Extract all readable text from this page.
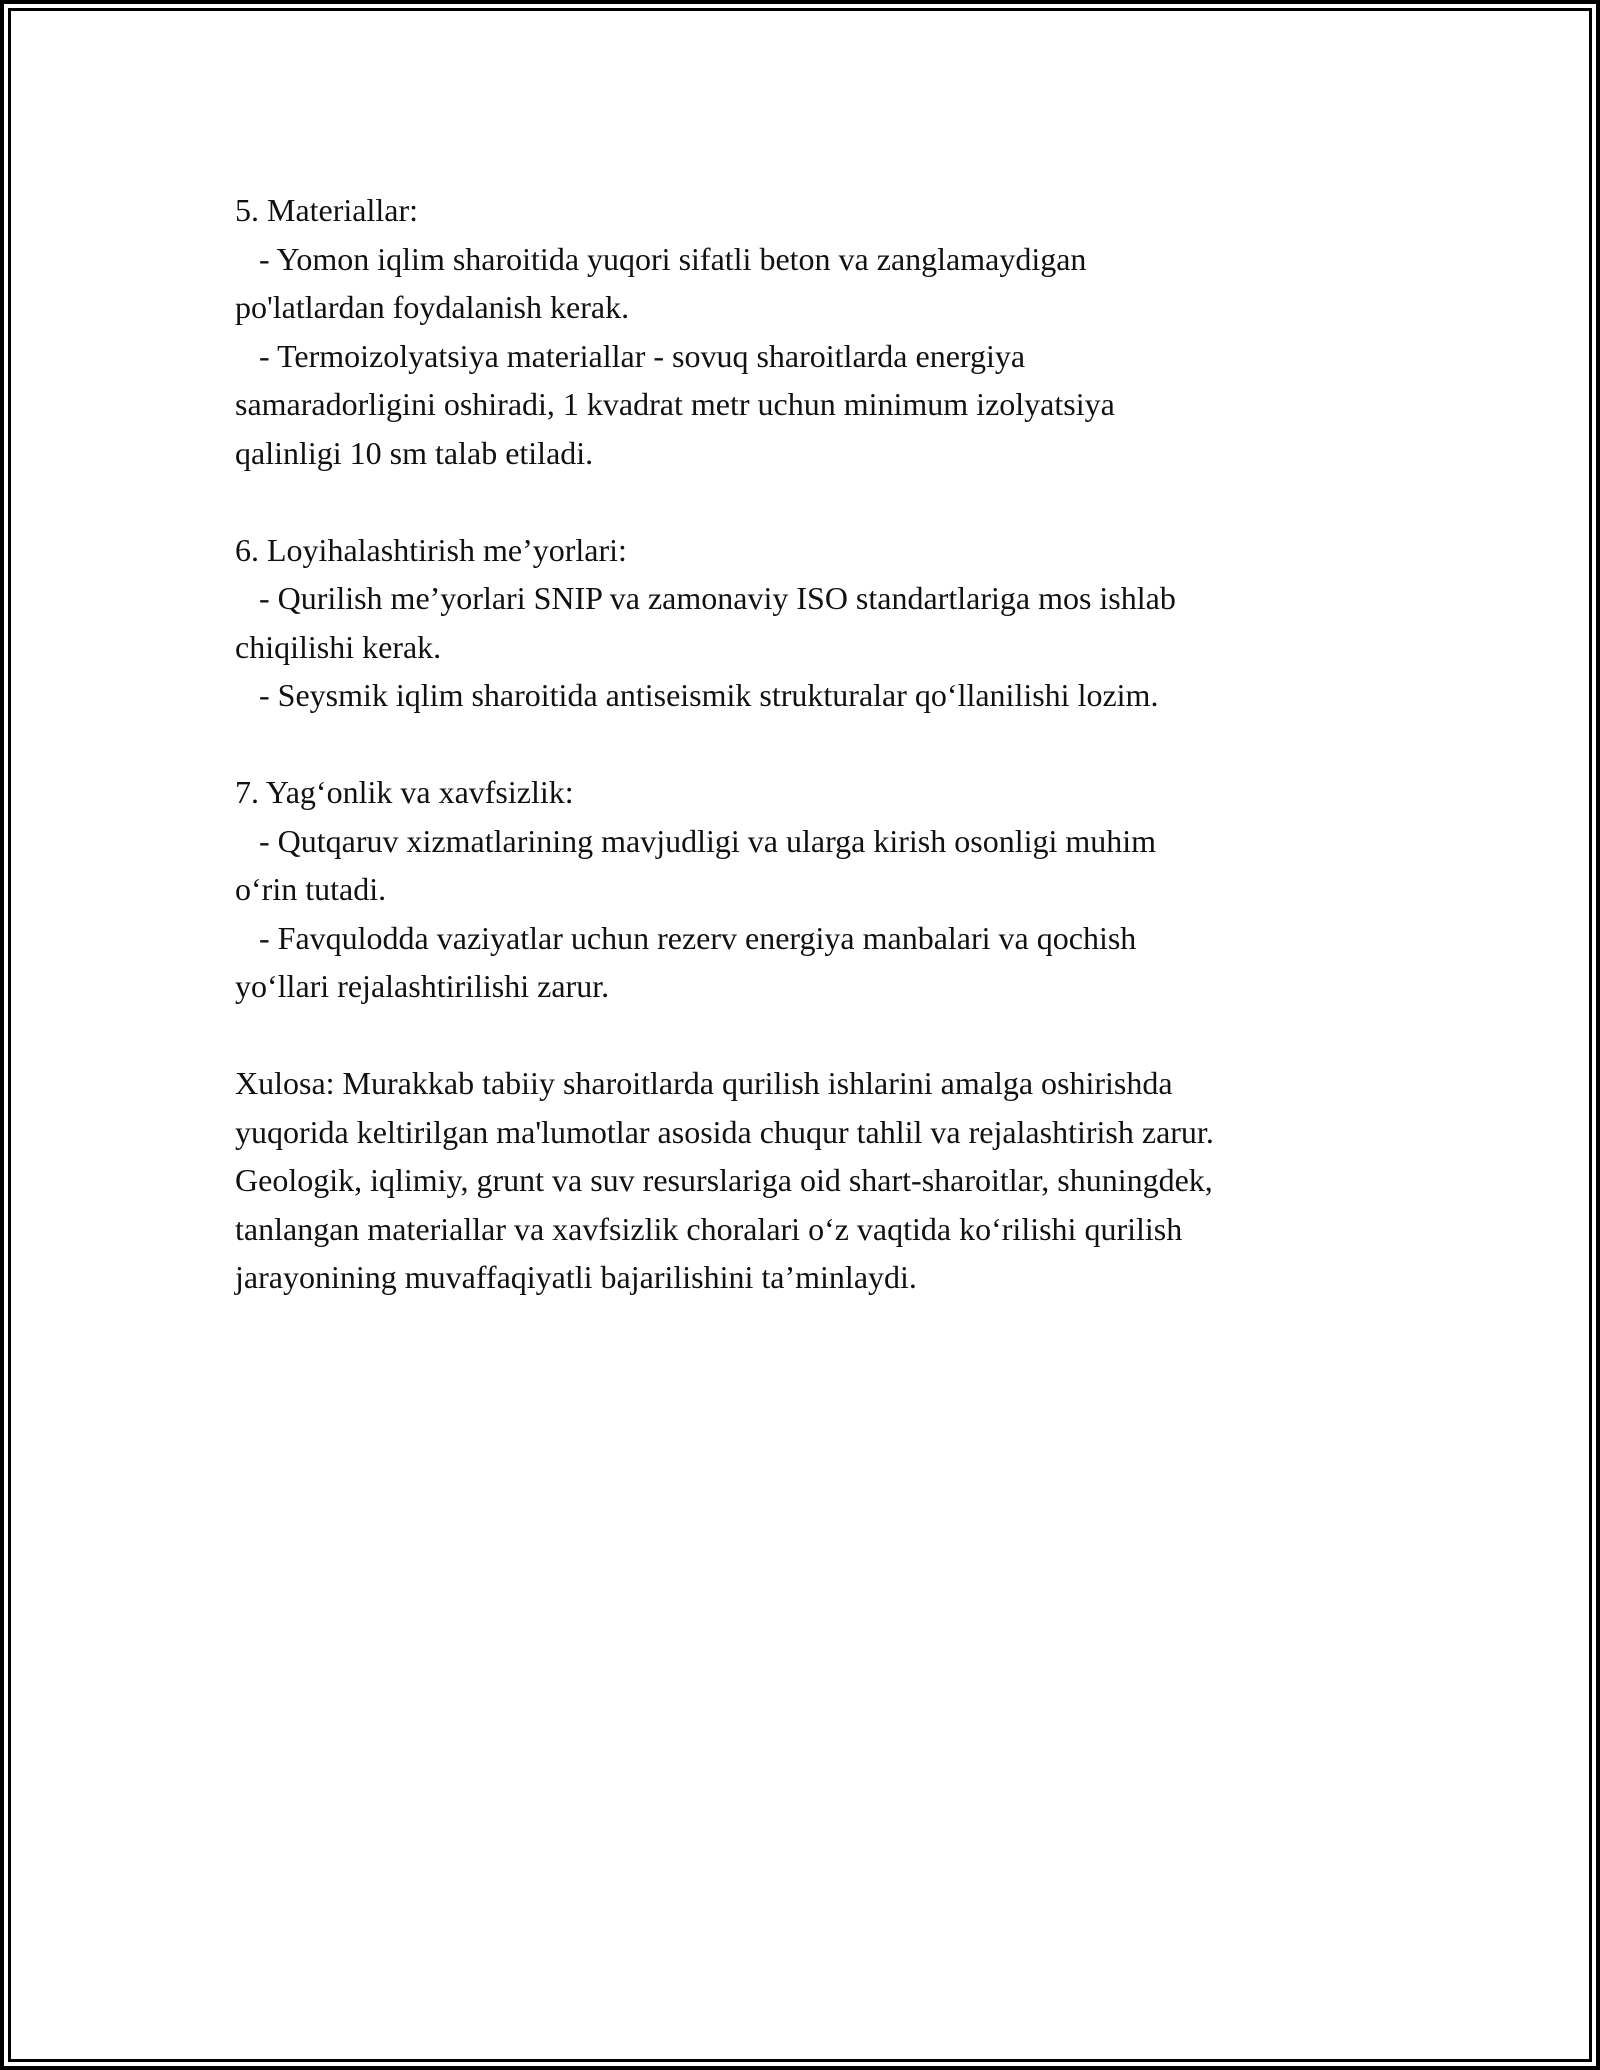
5. Materiallar:
- Yomon iqlim sharoitida yuqori sifatli beton va zanglamaydigan
po'latlardan foydalanish kerak.
- Termoizolyatsiya materiallar - sovuq sharoitlarda energiya
samaradorligini oshiradi, 1 kvadrat metr uchun minimum izolyatsiya
qalinligi 10 sm talab etiladi.
6. Loyihalashtirish me’yorlari:
- Qurilish me’yorlari SNIP va zamonaviy ISO standartlariga mos ishlab
chiqilishi kerak.
- Seysmik iqlim sharoitida antiseismik strukturalar qo‘llanilishi lozim.
7. Yag‘onlik va xavfsizlik:
- Qutqaruv xizmatlarining mavjudligi va ularga kirish osonligi muhim
o‘rin tutadi.
- Favqulodda vaziyatlar uchun rezerv energiya manbalari va qochish
yo‘llari rejalashtirilishi zarur.
Xulosa: Murakkab tabiiy sharoitlarda qurilish ishlarini amalga oshirishda
yuqorida keltirilgan ma'lumotlar asosida chuqur tahlil va rejalashtirish zarur.
Geologik, iqlimiy, grunt va suv resurslariga oid shart-sharoitlar, shuningdek,
tanlangan materiallar va xavfsizlik choralari o‘z vaqtida ko‘rilishi qurilish
jarayonining muvaffaqiyatli bajarilishini ta’minlaydi.
